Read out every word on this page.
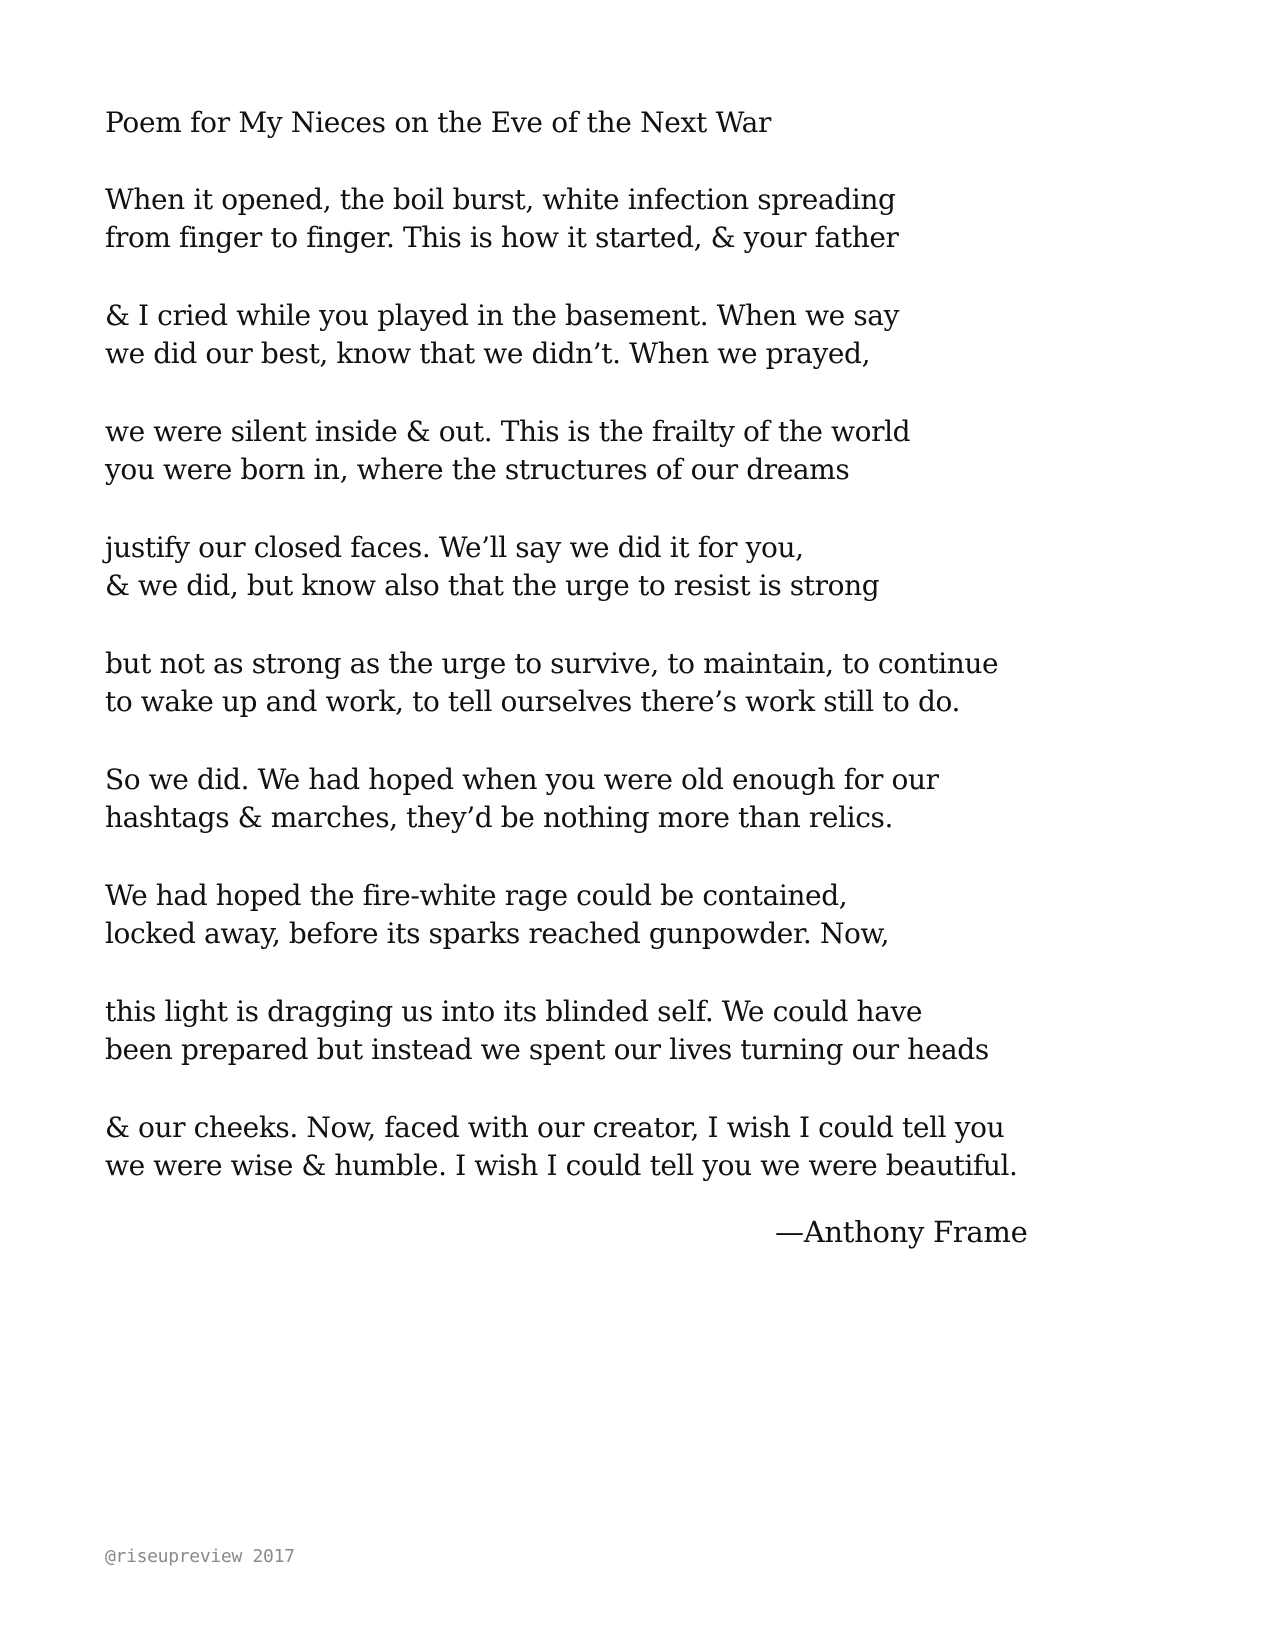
Poem for My Nieces on the Eve of the Next War
When it opened, the boil burst, white infection spreading
from finger to finger. This is how it started, & your father
& I cried while you played in the basement. When we say
we did our best, know that we didn’t. When we prayed,
we were silent inside & out. This is the frailty of the world
you were born in, where the structures of our dreams
justify our closed faces. We’ll say we did it for you,
& we did, but know also that the urge to resist is strong
but not as strong as the urge to survive, to maintain, to continue
to wake up and work, to tell ourselves there’s work still to do.
So we did. We had hoped when you were old enough for our
hashtags & marches, they’d be nothing more than relics.
We had hoped the fire-white rage could be contained,
locked away, before its sparks reached gunpowder. Now,
this light is dragging us into its blinded self. We could have
been prepared but instead we spent our lives turning our heads
& our cheeks. Now, faced with our creator, I wish I could tell you
we were wise & humble. I wish I could tell you we were beautiful.
—Anthony Frame
@riseupreview 2017
